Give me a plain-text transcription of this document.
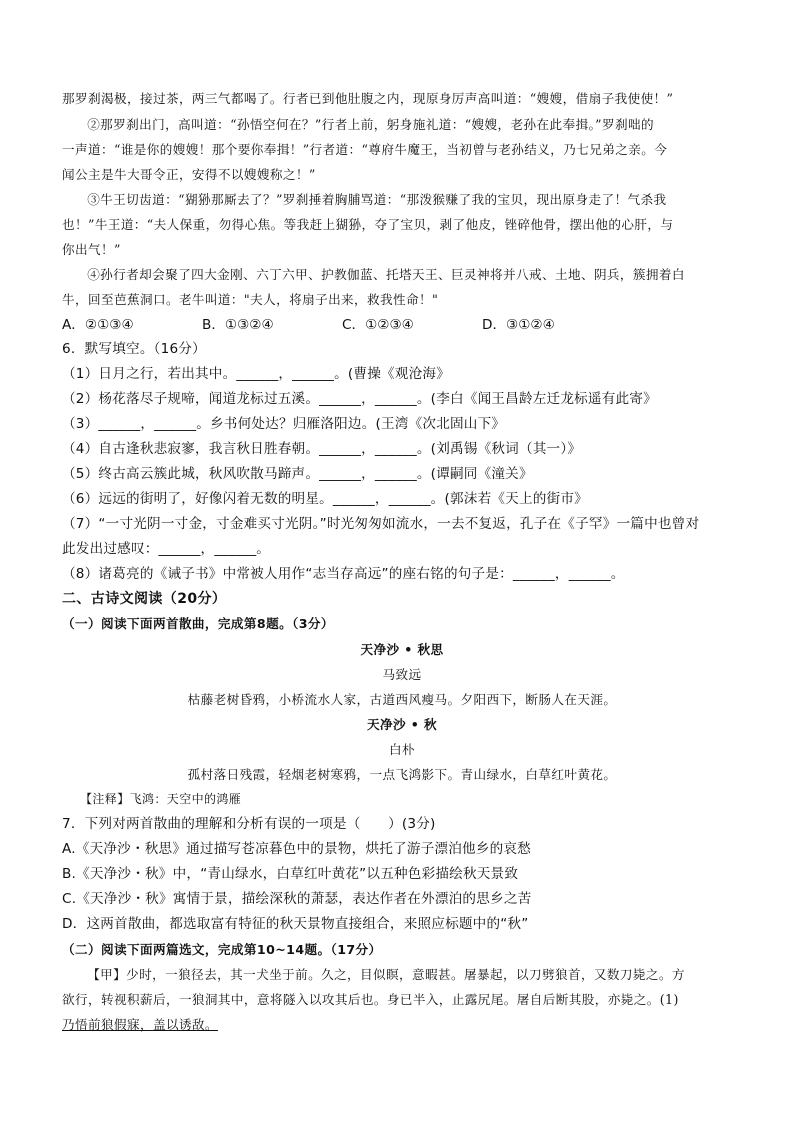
那罗刹渴极，接过茶，两三气都喝了。行者已到他肚腹之内，现原身厉声高叫道：“嫂嫂，借扇子我使使！”
②那罗刹出门，高叫道：“孙悟空何在？”行者上前，躬身施礼道：“嫂嫂，老孙在此奉揖。”罗刹咄的
一声道：“谁是你的嫂嫂！那个要你奉揖！”行者道：“尊府牛魔王，当初曾与老孙结义，乃七兄弟之亲。今
闻公主是牛大哥令正，安得不以嫂嫂称之！”
③牛王切齿道：“猢狲那厮去了？”罗刹捶着胸脯骂道：“那泼猴赚了我的宝贝，现出原身走了！气杀我
也！”牛王道：“夫人保重，勿得心焦。等我赶上猢狲，夺了宝贝，剥了他皮，锉碎他骨，摆出他的心肝，与
你出气！”
④孙行者却会聚了四大金刚、六丁六甲、护教伽蓝、托塔天王、巨灵神将并八戒、土地、阴兵，簇拥着白
牛，回至芭蕉洞口。老牛叫道："夫人，将扇子出来，救我性命！"
A．②①③④	B．①③②④	C．①②③④	D．③①②④
6．默写填空。（16分）
（1）日月之行，若出其中。______，______。(曹操《观沧海》
（2）杨花落尽子规啼，闻道龙标过五溪。______，______。(李白《闻王昌龄左迁龙标遥有此寄》
（3）______，______。乡书何处达？归雁洛阳边。(王湾《次北固山下》
（4）自古逢秋悲寂寥，我言秋日胜春朝。______，______。(刘禹锡《秋词（其一）》
（5）终古高云簇此城，秋风吹散马蹄声。______，______。(谭嗣同《潼关》
（6）远远的街明了，好像闪着无数的明星。______，______。(郭沫若《天上的街市》
（7）“一寸光阴一寸金，寸金难买寸光阴。”时光匆匆如流水，一去不复返，孔子在《子罕》一篇中也曾对
此发出过感叹：______，______。
（8）诸葛亮的《诫子书》中常被人用作“志当存高远”的座右铭的句子是：______，______。
二、古诗文阅读（20分）
（一）阅读下面两首散曲，完成第8题。（3分）
天净沙 • 秋思
马致远
枯藤老树昏鸦，小桥流水人家，古道西风瘦马。夕阳西下，断肠人在天涯。
天净沙 • 秋
白朴
孤村落日残霞，轻烟老树寒鸦，一点飞鸿影下。青山绿水，白草红叶黄花。
【注释】飞鸿：天空中的鸿雁
7．下列对两首散曲的理解和分析有误的一项是（　　）(3分)
A.《天净沙・秋思》通过描写苍凉暮色中的景物，烘托了游子漂泊他乡的哀愁
B.《天净沙・秋》中，“青山绿水，白草红叶黄花”以五种色彩描绘秋天景致
C.《天净沙・秋》寓情于景，描绘深秋的萧瑟，表达作者在外漂泊的思乡之苦
D．这两首散曲，都选取富有特征的秋天景物直接组合，来照应标题中的“秋”
（二）阅读下面两篇选文，完成第10~14题。（17分）
【甲】少时，一狼径去，其一犬坐于前。久之，目似瞑，意暇甚。屠暴起，以刀劈狼首，又数刀毙之。方
欲行，转视积薪后，一狼洞其中，意将隧入以攻其后也。身已半入，止露尻尾。屠自后断其股，亦毙之。(1)
乃悟前狼假寐，盖以诱敌。
